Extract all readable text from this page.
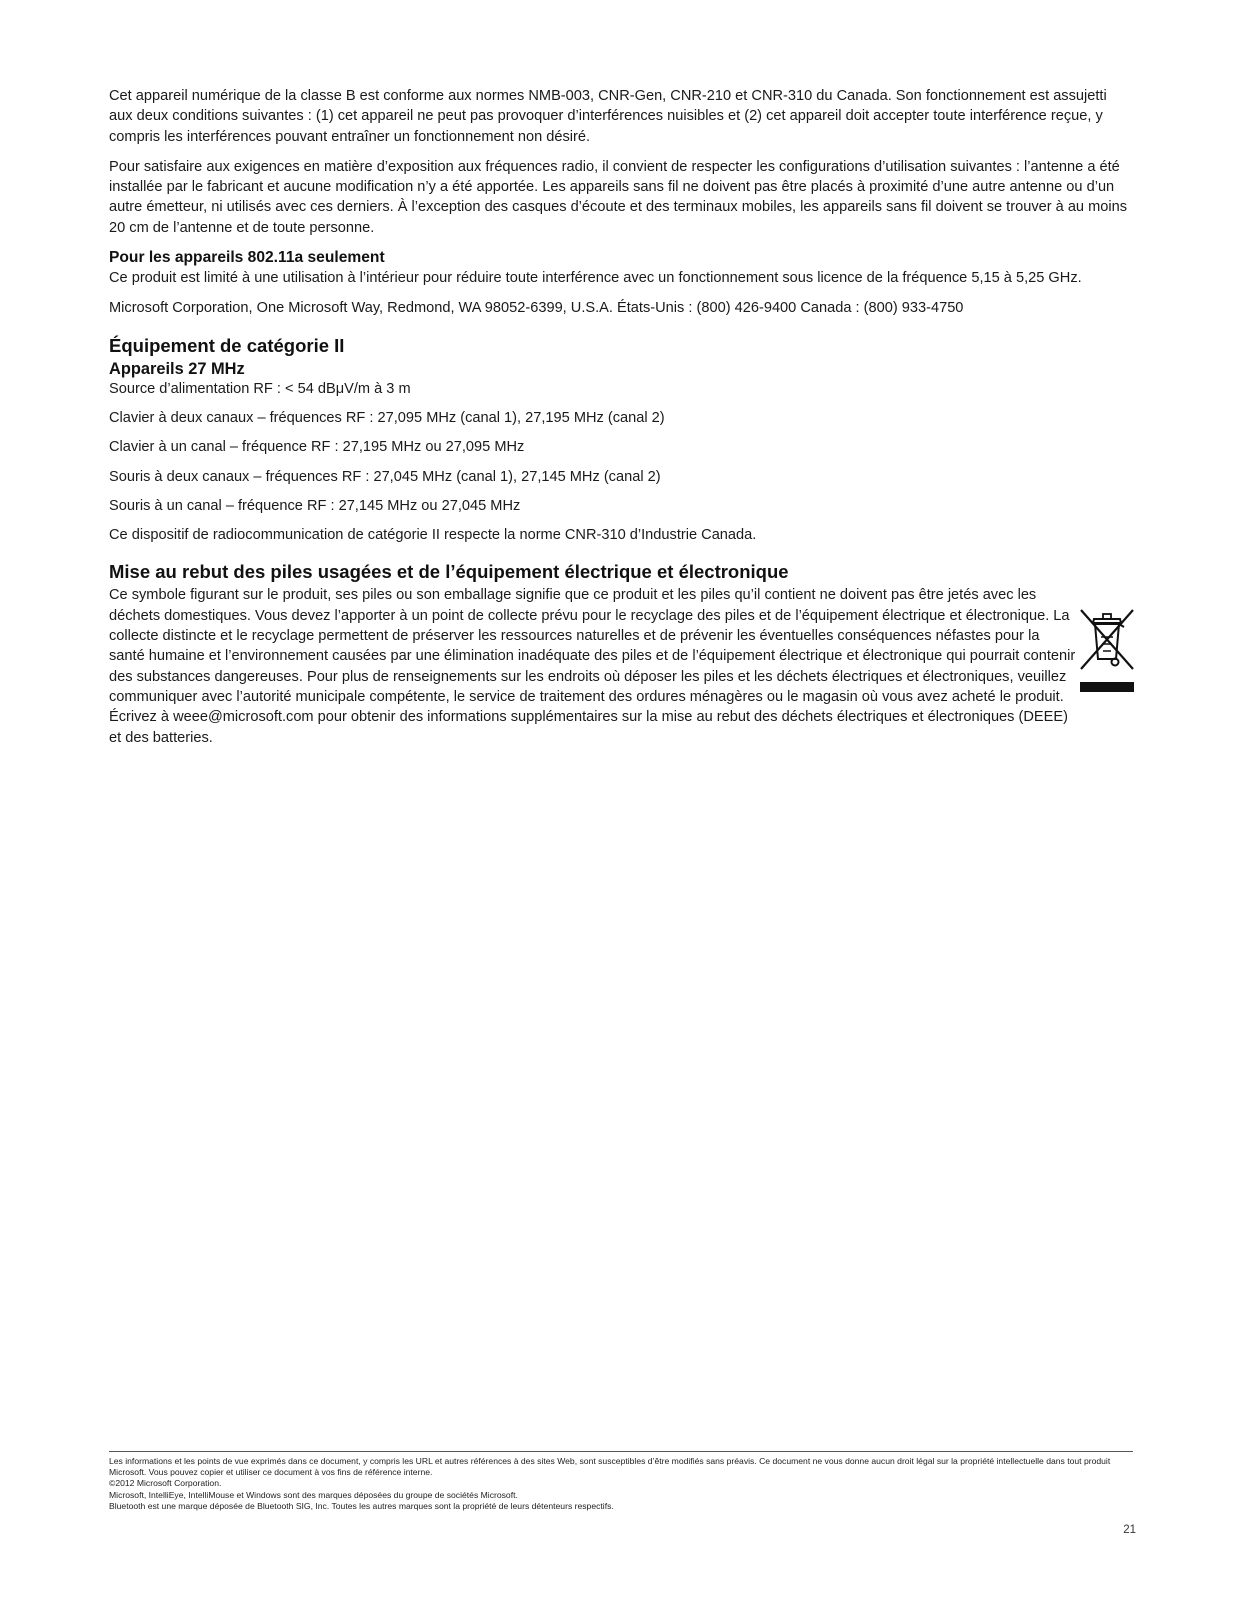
Cet appareil numérique de la classe B est conforme aux normes NMB-003, CNR-Gen, CNR-210 et CNR-310 du Canada. Son fonctionnement est assujetti aux deux conditions suivantes : (1) cet appareil ne peut pas provoquer d’interférences nuisibles et (2) cet appareil doit accepter toute interférence reçue, y compris les interférences pouvant entraîner un fonctionnement non désiré.

Pour satisfaire aux exigences en matière d’exposition aux fréquences radio, il convient de respecter les configurations d’utilisation suivantes : l’antenne a été installée par le fabricant et aucune modification n’y a été apportée. Les appareils sans fil ne doivent pas être placés à proximité d’une autre antenne ou d’un autre émetteur, ni utilisés avec ces derniers. À l’exception des casques d’écoute et des terminaux mobiles, les appareils sans fil doivent se trouver à au moins 20 cm de l’antenne et de toute personne.

Pour les appareils 802.11a seulement

Ce produit est limité à une utilisation à l’intérieur pour réduire toute interférence avec un fonctionnement sous licence de la fréquence 5,15 à 5,25 GHz.

Microsoft Corporation, One Microsoft Way, Redmond, WA 98052-6399, U.S.A. États-Unis : (800) 426-9400 Canada : (800) 933-4750

Équipement de catégorie II
Appareils 27 MHz

Source d’alimentation RF : < 54 dBμV/m à 3 m

Clavier à deux canaux – fréquences RF : 27,095 MHz (canal 1), 27,195 MHz (canal 2)

Clavier à un canal – fréquence RF : 27,195 MHz ou 27,095 MHz

Souris à deux canaux – fréquences RF : 27,045 MHz (canal 1), 27,145 MHz (canal 2)

Souris à un canal – fréquence RF : 27,145 MHz ou 27,045 MHz

Ce dispositif de radiocommunication de catégorie II respecte la norme CNR-310 d’Industrie Canada.

Mise au rebut des piles usagées et de l’équipement électrique et électronique

Ce symbole figurant sur le produit, ses piles ou son emballage signifie que ce produit et les piles qu’il contient ne doivent pas être jetés avec les déchets domestiques. Vous devez l’apporter à un point de collecte prévu pour le recyclage des piles et de l’équipement électrique et électronique. La collecte distincte et le recyclage permettent de préserver les ressources naturelles et de prévenir les éventuelles conséquences néfastes pour la santé humaine et l’environnement causées par une élimination inadéquate des piles et de l’équipement électrique et électronique qui pourrait contenir des substances dangereuses. Pour plus de renseignements sur les endroits où déposer les piles et les déchets électriques et électroniques, veuillez communiquer avec l’autorité municipale compétente, le service de traitement des ordures ménagères ou le magasin où vous avez acheté le produit. Écrivez à weee@microsoft.com pour obtenir des informations supplémentaires sur la mise au rebut des déchets électriques et électroniques (DEEE) et des batteries.

Les informations et les points de vue exprimés dans ce document, y compris les URL et autres références à des sites Web, sont susceptibles d’être modifiés sans préavis. Ce document ne vous donne aucun droit légal sur la propriété intellectuelle dans tout produit Microsoft. Vous pouvez copier et utiliser ce document à vos fins de référence interne.
©2012 Microsoft Corporation.
Microsoft, IntelliEye, IntelliMouse et Windows sont des marques déposées du groupe de sociétés Microsoft.
Bluetooth est une marque déposée de Bluetooth SIG, Inc. Toutes les autres marques sont la propriété de leurs détenteurs respectifs.
21
